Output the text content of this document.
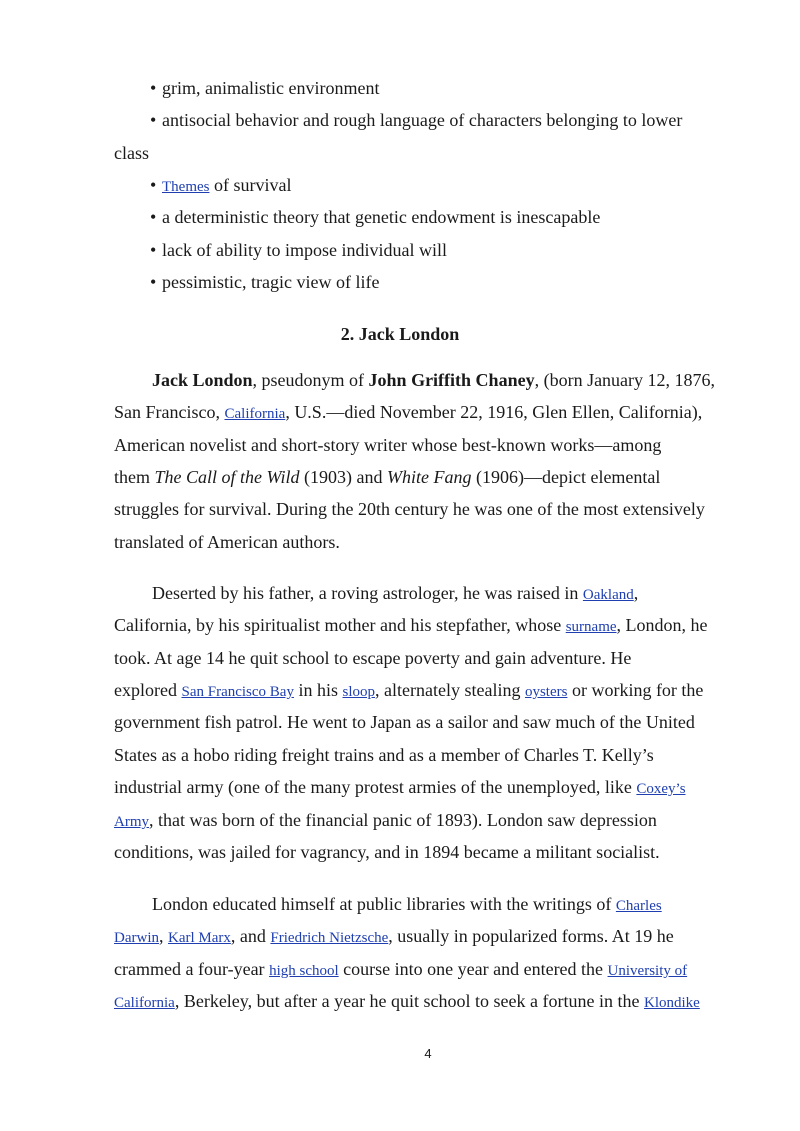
• grim, animalistic environment
• antisocial behavior and rough language of characters belonging to lower
class
• Themes of survival
• a deterministic theory that genetic endowment is inescapable
• lack of ability to impose individual will
• pessimistic, tragic view of life
2. Jack London
Jack London, pseudonym of John Griffith Chaney, (born January 12, 1876,
San Francisco, California, U.S.—died November 22, 1916, Glen Ellen, California),
American novelist and short-story writer whose best-known works—among
them The Call of the Wild (1903) and White Fang (1906)—depict elemental
struggles for survival. During the 20th century he was one of the most extensively
translated of American authors.
Deserted by his father, a roving astrologer, he was raised in Oakland,
California, by his spiritualist mother and his stepfather, whose surname, London, he
took. At age 14 he quit school to escape poverty and gain adventure. He
explored San Francisco Bay in his sloop, alternately stealing oysters or working for the
government fish patrol. He went to Japan as a sailor and saw much of the United
States as a hobo riding freight trains and as a member of Charles T. Kelly’s
industrial army (one of the many protest armies of the unemployed, like Coxey’s
Army, that was born of the financial panic of 1893). London saw depression
conditions, was jailed for vagrancy, and in 1894 became a militant socialist.
London educated himself at public libraries with the writings of Charles
Darwin, Karl Marx, and Friedrich Nietzsche, usually in popularized forms. At 19 he
crammed a four-year high school course into one year and entered the University of
California, Berkeley, but after a year he quit school to seek a fortune in the Klondike
4
